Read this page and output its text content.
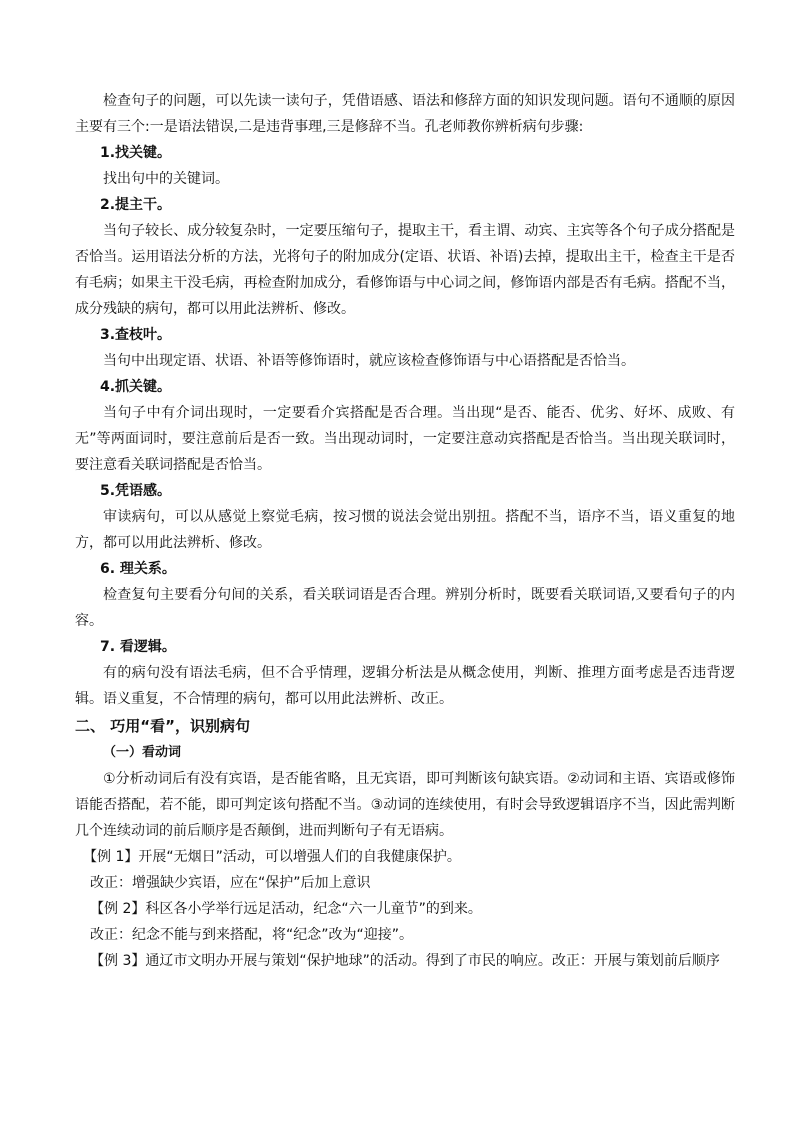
检查句子的问题，可以先读一读句子，凭借语感、语法和修辞方面的知识发现问题。语句不通顺的原因主要有三个:一是语法错误,二是违背事理,三是修辞不当。孔老师教你辨析病句步骤:

1.找关键。

找出句中的关键词。

2.提主干。

当句子较长、成分较复杂时，一定要压缩句子，提取主干，看主谓、动宾、主宾等各个句子成分搭配是否恰当。运用语法分析的方法，光将句子的附加成分(定语、状语、补语)去掉，提取出主干，检查主干是否有毛病；如果主干没毛病，再检查附加成分，看修饰语与中心词之间，修饰语内部是否有毛病。搭配不当，成分残缺的病句，都可以用此法辨析、修改。

3.查枝叶。

当句中出现定语、状语、补语等修饰语时，就应该检查修饰语与中心语搭配是否恰当。

4.抓关键。

当句子中有介词出现时，一定要看介宾搭配是否合理。当出现“是否、能否、优劣、好坏、成败、有无”等两面词时，要注意前后是否一致。当出现动词时，一定要注意动宾搭配是否恰当。当出现关联词时，要注意看关联词搭配是否恰当。

5.凭语感。

审读病句，可以从感觉上察觉毛病，按习惯的说法会觉出别扭。搭配不当，语序不当，语义重复的地方，都可以用此法辨析、修改。

6. 理关系。

检查复句主要看分句间的关系，看关联词语是否合理。辨别分析时，既要看关联词语,又要看句子的内容。

7. 看逻辑。

有的病句没有语法毛病，但不合乎情理，逻辑分析法是从概念使用，判断、推理方面考虑是否违背逻辑。语义重复，不合情理的病句，都可以用此法辨析、改正。

二、 巧用“看”，识别病句

（一）看动词

①分析动词后有没有宾语，是否能省略，且无宾语，即可判断该句缺宾语。②动词和主语、宾语或修饰语能否搭配，若不能，即可判定该句搭配不当。③动词的连续使用，有时会导致逻辑语序不当，因此需判断几个连续动词的前后顺序是否颠倒，进而判断句子有无语病。

【例 1】开展“无烟日”活动，可以增强人们的自我健康保护。

改正：增强缺少宾语，应在“保护”后加上意识

【例 2】科区各小学举行远足活动，纪念“六一儿童节”的到来。

改正：纪念不能与到来搭配，将“纪念”改为“迎接”。

【例 3】通辽市文明办开展与策划“保护地球”的活动。得到了市民的响应。改正：开展与策划前后顺序
